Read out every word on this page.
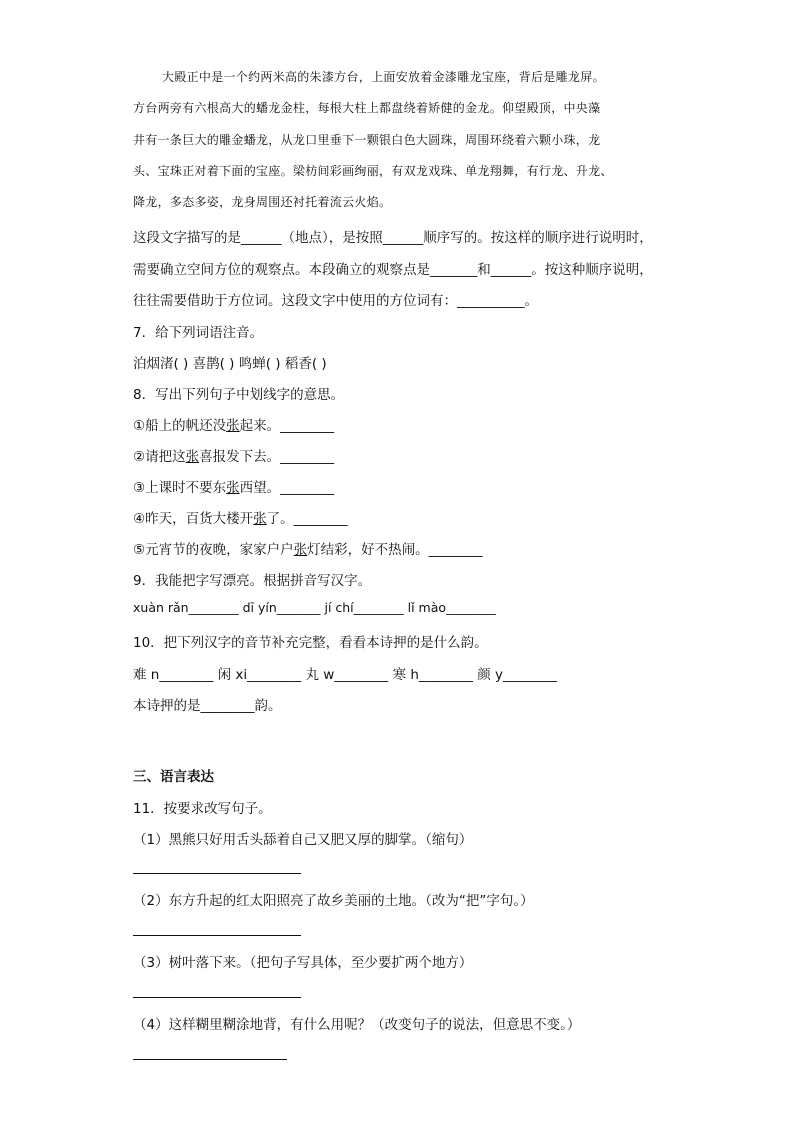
大殿正中是一个约两米高的朱漆方台，上面安放着金漆雕龙宝座，背后是雕龙屏。
方台两旁有六根高大的蟠龙金柱，每根大柱上都盘绕着矫健的金龙。仰望殿顶，中央藻
井有一条巨大的雕金蟠龙，从龙口里垂下一颗银白色大圆珠，周围环绕着六颗小珠，龙
头、宝珠正对着下面的宝座。梁枋间彩画绚丽，有双龙戏珠、单龙翔舞，有行龙、升龙、
降龙，多态多姿，龙身周围还衬托着流云火焰。
这段文字描写的是______（地点），是按照______顺序写的。按这样的顺序进行说明时，
需要确立空间方位的观察点。本段确立的观察点是_______和______。按这种顺序说明，
往往需要借助于方位词。这段文字中使用的方位词有：__________。
7．给下列词语注音。
泊烟渚( ) 喜鹊( ) 鸣蝉( ) 稻香( )
8．写出下列句子中划线字的意思。
①船上的帆还没张起来。________
②请把这张喜报发下去。________
③上课时不要东张西望。________
④昨天，百货大楼开张了。________
⑤元宵节的夜晚，家家户户张灯结彩，好不热闹。________
9．我能把字写漂亮。根据拼音写汉字。
xuàn rǎn________ dī yín_______ jí chí________ lǐ mào________
10．把下列汉字的音节补充完整，看看本诗押的是什么韵。
难 n________ 闲 xi________ 丸 w________ 寒 h________ 颜 y________
本诗押的是________韵。
三、语言表达
11．按要求改写句子。
（1）黑熊只好用舌头舔着自己又肥又厚的脚掌。（缩句）
（2）东方升起的红太阳照亮了故乡美丽的土地。（改为“把”字句。）
（3）树叶落下来。（把句子写具体，至少要扩两个地方）
（4）这样糊里糊涂地背，有什么用呢？（改变句子的说法，但意思不变。）
